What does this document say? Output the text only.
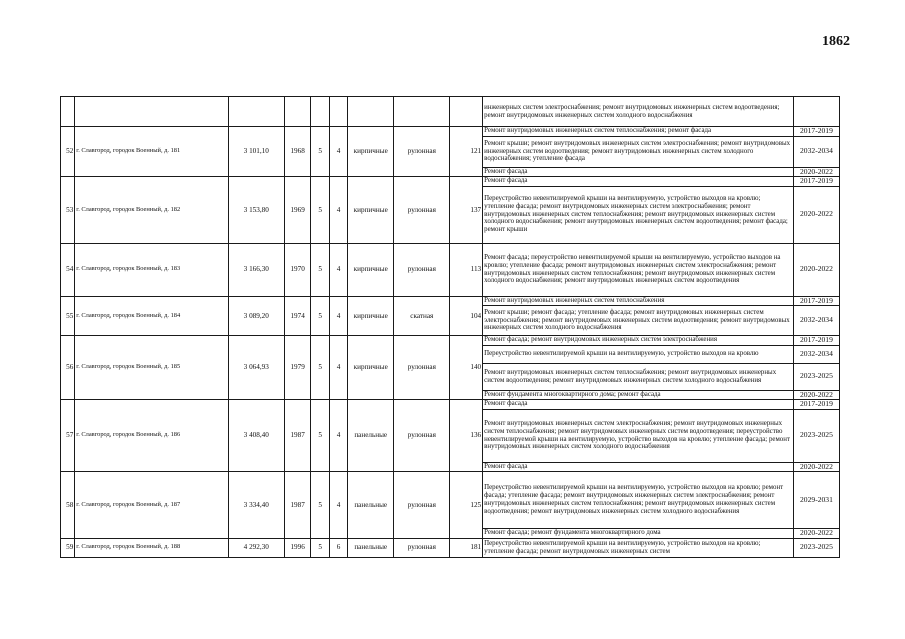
1862
									инженерных систем электроснабжения; ремонт внутридомовых инженерных систем водоотведения; ремонт внутридомовых инженерных систем холодного водоснабжения	
52	г. Славгород, городок Военный, д. 181	3 101,10	1968	5	4	кирпичные	рулонная	121	Ремонт внутридомовых инженерных систем теплоснабжения; ремонт фасада	2017-2019
									Ремонт крыши; ремонт внутридомовых инженерных систем электроснабжения; ремонт внутридомовых инженерных систем водоотведения; ремонт внутридомовых инженерных систем холодного водоснабжения; утепление фасада	2032-2034
									Ремонт фасада	2020-2022
53	г. Славгород, городок Военный, д. 182	3 153,80	1969	5	4	кирпичные	рулонная	137	Ремонт фасада	2017-2019
									Переустройство невентилируемой крыши на вентилируемую, устройство выходов на кровлю; утепление фасада; ремонт внутридомовых инженерных систем электроснабжения; ремонт внутридомовых инженерных систем теплоснабжения; ремонт внутридомовых инженерных систем холодного водоснабжения; ремонт внутридомовых инженерных систем водоотведения; ремонт фасада; ремонт крыши	2020-2022
54	г. Славгород, городок Военный, д. 183	3 166,30	1970	5	4	кирпичные	рулонная	113	Ремонт фасада; переустройство невентилируемой крыши на вентилируемую, устройство выходов на кровлю; утепление фасада; ремонт внутридомовых инженерных систем электроснабжения; ремонт внутридомовых инженерных систем теплоснабжения; ремонт внутридомовых инженерных систем холодного водоснабжения; ремонт внутридомовых инженерных систем водоотведения	2020-2022
55	г. Славгород, городок Военный, д. 184	3 089,20	1974	5	4	кирпичные	скатная	104	Ремонт внутридомовых инженерных систем теплоснабжения	2017-2019
									Ремонт крыши; ремонт фасада; утепление фасада; ремонт внутридомовых инженерных систем электроснабжения; ремонт внутридомовых инженерных систем водоотведения; ремонт внутридомовых инженерных систем холодного водоснабжения	2032-2034
56	г. Славгород, городок Военный, д. 185	3 064,93	1979	5	4	кирпичные	рулонная	140	Ремонт фасада; ремонт внутридомовых инженерных систем электроснабжения	2017-2019
									Переустройство невентилируемой крыши на вентилируемую, устройство выходов на кровлю	2032-2034
									Ремонт внутридомовых инженерных систем теплоснабжения; ремонт внутридомовых инженерных систем водоотведения; ремонт внутридомовых инженерных систем холодного водоснабжения	2023-2025
									Ремонт фундамента многоквартирного дома; ремонт фасада	2020-2022
57	г. Славгород, городок Военный, д. 186	3 408,40	1987	5	4	панельные	рулонная	136	Ремонт фасада	2017-2019
									Ремонт внутридомовых инженерных систем электроснабжения; ремонт внутридомовых инженерных систем теплоснабжения; ремонт внутридомовых инженерных систем водоотведения; переустройство невентилируемой крыши на вентилируемую, устройство выходов на кровлю; утепление фасада; ремонт внутридомовых инженерных систем холодного водоснабжения	2023-2025
									Ремонт фасада	2020-2022
58	г. Славгород, городок Военный, д. 187	3 334,40	1987	5	4	панельные	рулонная	125	Переустройство невентилируемой крыши на вентилируемую, устройство выходов на кровлю; ремонт фасада; утепление фасада; ремонт внутридомовых инженерных систем электроснабжения; ремонт внутридомовых инженерных систем теплоснабжения; ремонт внутридомовых инженерных систем водоотведения; ремонт внутридомовых инженерных систем холодного водоснабжения	2029-2031
									Ремонт фасада; ремонт фундамента многоквартирного дома	2020-2022
59	г. Славгород, городок Военный, д. 188	4 292,30	1996	5	6	панельные	рулонная	181	Переустройство невентилируемой крыши на вентилируемую, устройство выходов на кровлю; утепление фасада; ремонт внутридомовых инженерных систем	2023-2025
